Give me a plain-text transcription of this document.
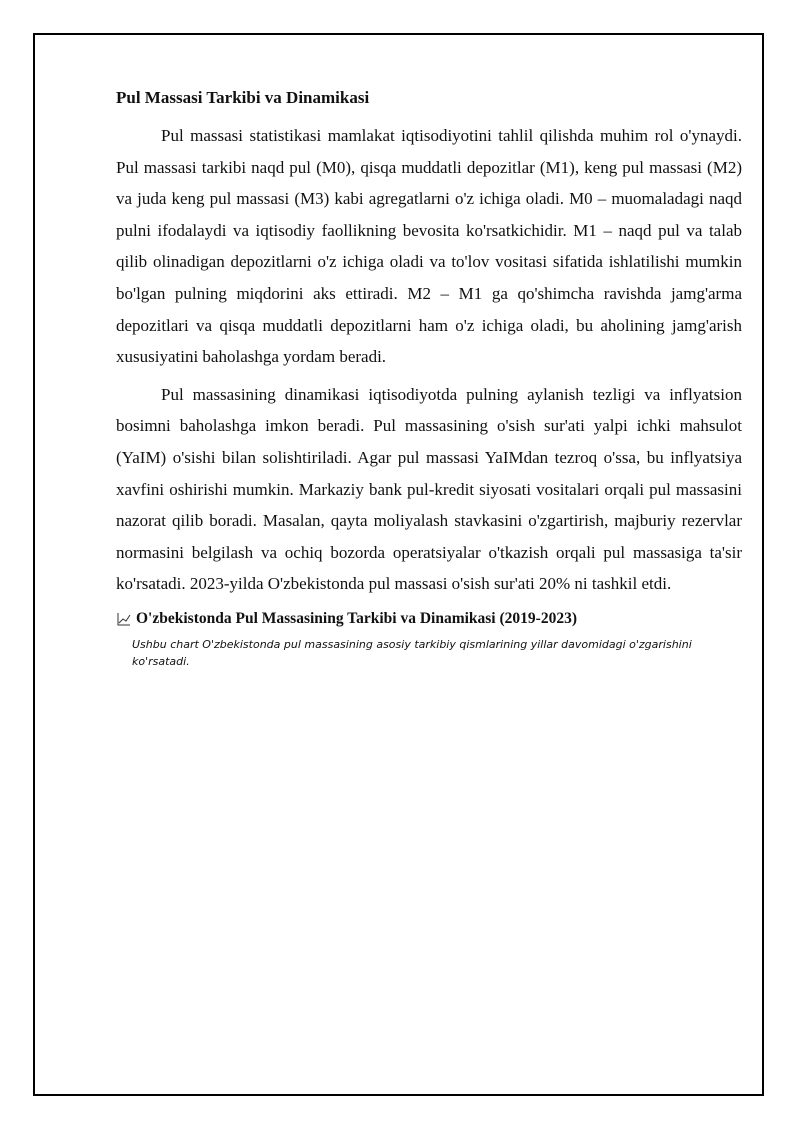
Pul Massasi Tarkibi va Dinamikasi

Pul massasi statistikasi mamlakat iqtisodiyotini tahlil qilishda muhim rol o'ynaydi. Pul massasi tarkibi naqd pul (M0), qisqa muddatli depozitlar (M1), keng pul massasi (M2) va juda keng pul massasi (M3) kabi agregatlarni o'z ichiga oladi. M0 – muomaladagi naqd pulni ifodalaydi va iqtisodiy faollikning bevosita ko'rsatkichidir. M1 – naqd pul va talab qilib olinadigan depozitlarni o'z ichiga oladi va to'lov vositasi sifatida ishlatilishi mumkin bo'lgan pulning miqdorini aks ettiradi. M2 – M1 ga qo'shimcha ravishda jamg'arma depozitlari va qisqa muddatli depozitlarni ham o'z ichiga oladi, bu aholining jamg'arish xususiyatini baholashga yordam beradi.

Pul massasining dinamikasi iqtisodiyotda pulning aylanish tezligi va inflyatsion bosimni baholashga imkon beradi. Pul massasining o'sish sur'ati yalpi ichki mahsulot (YaIM) o'sishi bilan solishtiriladi. Agar pul massasi YaIMdan tezroq o'ssa, bu inflyatsiya xavfini oshirishi mumkin. Markaziy bank pul-kredit siyosati vositalari orqali pul massasini nazorat qilib boradi. Masalan, qayta moliyalash stavkasini o'zgartirish, majburiy rezervlar normasini belgilash va ochiq bozorda operatsiyalar o'tkazish orqali pul massasiga ta'sir ko'rsatadi. 2023-yilda O'zbekistonda pul massasi o'sish sur'ati 20% ni tashkil etdi.

O'zbekistonda Pul Massasining Tarkibi va Dinamikasi (2019-2023)
Ushbu chart O'zbekistonda pul massasining asosiy tarkibiy qismlarining yillar davomidagi o'zgarishini ko'rsatadi.
